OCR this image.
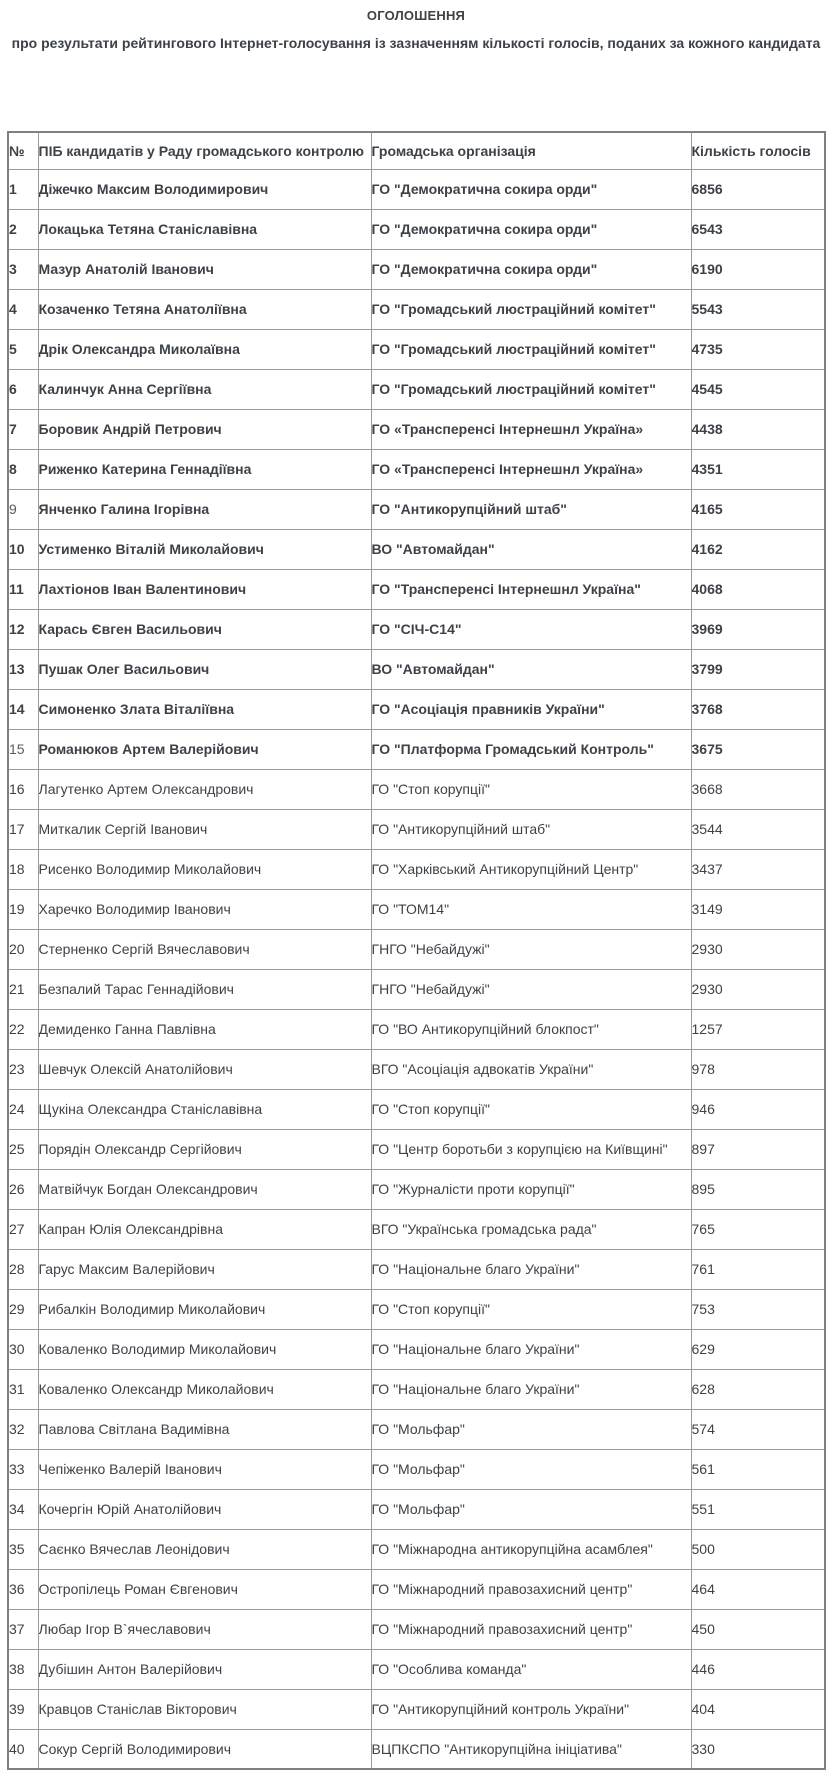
ОГОЛОШЕННЯ

про результати рейтингового Інтернет-голосування із зазначенням кількості голосів, поданих за кожного кандидата

№	ПІБ кандидатів у Раду громадського контролю	Громадська організація	Кількість голосів
1	Діжечко Максим Володимирович	ГО "Демократична сокира орди"	6856
2	Локацька Тетяна Станіславівна	ГО "Демократична сокира орди"	6543
3	Мазур Анатолій Іванович	ГО "Демократична сокира орди"	6190
4	Козаченко Тетяна Анатоліївна	ГО "Громадський люстраційний комітет"	5543
5	Дрік Олександра Миколаївна	ГО "Громадський люстраційний комітет"	4735
6	Калинчук Анна Сергіївна	ГО "Громадський люстраційний комітет"	4545
7	Боровик Андрій Петрович	ГО «Трансперенсі Інтернешнл Україна»	4438
8	Риженко Катерина Геннадіївна	ГО «Трансперенсі Інтернешнл Україна»	4351
9	Янченко Галина Ігорівна	ГО "Антикорупційний штаб"	4165
10	Устименко Віталій Миколайович	ВО "Автомайдан"	4162
11	Лахтіонов Іван Валентинович	ГО "Трансперенсі Інтернешнл Україна"	4068
12	Карась Євген Васильович	ГО "СІЧ-С14"	3969
13	Пушак Олег Васильович	ВО "Автомайдан"	3799
14	Симоненко Злата Віталіївна	ГО "Асоціація правників України"	3768
15	Романюков Артем Валерійович	ГО "Платформа Громадський Контроль"	3675
16	Лагутенко Артем Олександрович	ГО "Стоп корупції"	3668
17	Миткалик Сергій Іванович	ГО "Антикорупційний штаб"	3544
18	Рисенко Володимир Миколайович	ГО "Харківський Антикорупційний Центр"	3437
19	Харечко Володимир Іванович	ГО "ТОМ14"	3149
20	Стерненко Сергій Вячеславович	ГНГО "Небайдужі"	2930
21	Безпалий Тарас Геннадійович	ГНГО "Небайдужі"	2930
22	Демиденко Ганна Павлівна	ГО "ВО Антикорупційний блокпост"	1257
23	Шевчук Олексій Анатолійович	ВГО "Асоціація адвокатів України"	978
24	Щукіна Олександра Станіславівна	ГО "Стоп корупції"	946
25	Порядін Олександр Сергійович	ГО "Центр боротьби з корупцією на Київщині"	897
26	Матвійчук Богдан Олександрович	ГО "Журналісти проти корупції"	895
27	Капран Юлія Олександрівна	ВГО "Українська громадська рада"	765
28	Гарус Максим Валерійович	ГО "Національне благо України"	761
29	Рибалкін Володимир Миколайович	ГО "Стоп корупції"	753
30	Коваленко Володимир Миколайович	ГО "Національне благо України"	629
31	Коваленко Олександр Миколайович	ГО "Національне благо України"	628
32	Павлова Світлана Вадимівна	ГО "Мольфар"	574
33	Чепіженко Валерій Іванович	ГО "Мольфар"	561
34	Кочергін Юрій Анатолійович	ГО "Мольфар"	551
35	Саєнко Вячеслав Леонідович	ГО "Міжнародна антикорупційна асамблея"	500
36	Остропілець Роман Євгенович	ГО "Міжнародний правозахисний центр"	464
37	Любар Ігор В`ячеславович	ГО "Міжнародний правозахисний центр"	450
38	Дубішин Антон Валерійович	ГО "Особлива команда"	446
39	Кравцов Станіслав Вікторович	ГО "Антикорупційний контроль України"	404
40	Сокур Сергій Володимирович	ВЦПКСПО "Антикорупційна ініціатива"	330
